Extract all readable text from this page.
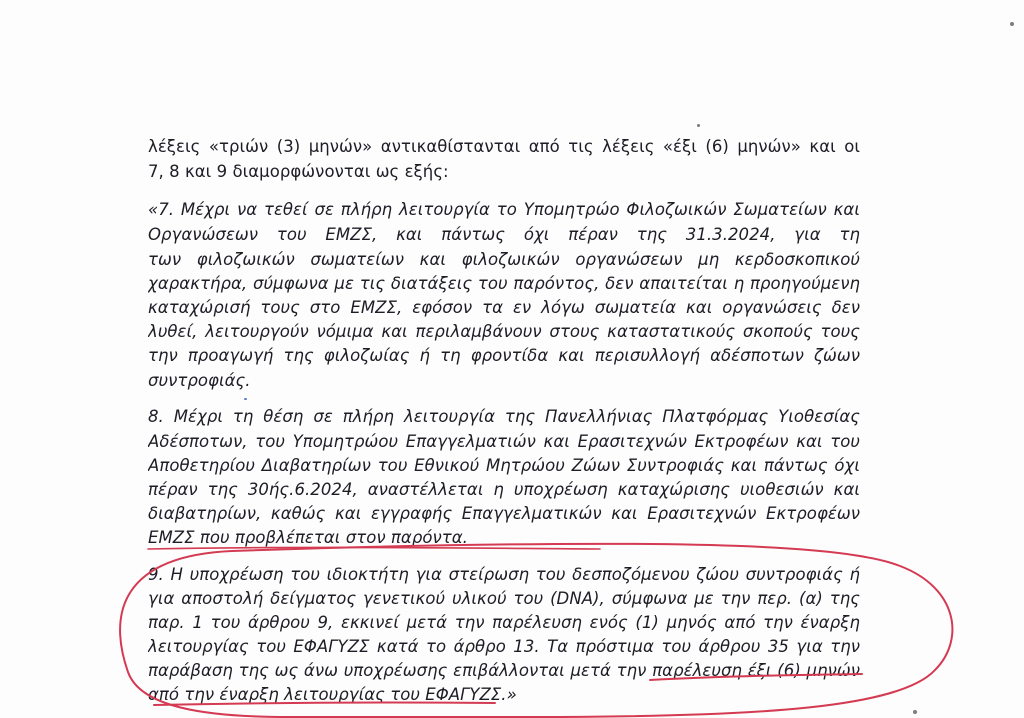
λέξεις «τριών (3) μηνών» αντικαθίστανται από τις λέξεις «έξι (6) μηνών» και οι
7, 8 και 9 διαμορφώνονται ως εξής:
«7. Μέχρι να τεθεί σε πλήρη λειτουργία το Υπομητρώο Φιλοζωικών Σωματείων και
Οργανώσεων του ΕΜΖΣ, και πάντως όχι πέραν της 31.3.2024, για τη
των φιλοζωικών σωματείων και φιλοζωικών οργανώσεων μη κερδοσκοπικού
χαρακτήρα, σύμφωνα με τις διατάξεις του παρόντος, δεν απαιτείται η προηγούμενη
καταχώρισή τους στο ΕΜΖΣ, εφόσον τα εν λόγω σωματεία και οργανώσεις δεν
λυθεί, λειτουργούν νόμιμα και περιλαμβάνουν στους καταστατικούς σκοπούς τους
την προαγωγή της φιλοζωίας ή τη φροντίδα και περισυλλογή αδέσποτων ζώων
συντροφιάς.
8. Μέχρι τη θέση σε πλήρη λειτουργία της Πανελλήνιας Πλατφόρμας Υιοθεσίας
Αδέσποτων, του Υπομητρώου Επαγγελματιών και Ερασιτεχνών Εκτροφέων και του
Αποθετηρίου Διαβατηρίων του Εθνικού Μητρώου Ζώων Συντροφιάς και πάντως όχι
πέραν της 30ής.6.2024, αναστέλλεται η υποχρέωση καταχώρισης υιοθεσιών και
διαβατηρίων, καθώς και εγγραφής Επαγγελματικών και Ερασιτεχνών Εκτροφέων
ΕΜΖΣ που προβλέπεται στον παρόντα.
9. Η υποχρέωση του ιδιοκτήτη για στείρωση του δεσποζόμενου ζώου συντροφιάς ή
για αποστολή δείγματος γενετικού υλικού του (DNA), σύμφωνα με την περ. (α) της
παρ. 1 του άρθρου 9, εκκινεί μετά την παρέλευση ενός (1) μηνός από την έναρξη
λειτουργίας του ΕΦΑΓΥΖΣ κατά το άρθρο 13. Τα πρόστιμα του άρθρου 35 για την
παράβαση της ως άνω υποχρέωσης επιβάλλονται μετά την παρέλευση έξι (6) μηνών
από την έναρξη λειτουργίας του ΕΦΑΓΥΖΣ.»
